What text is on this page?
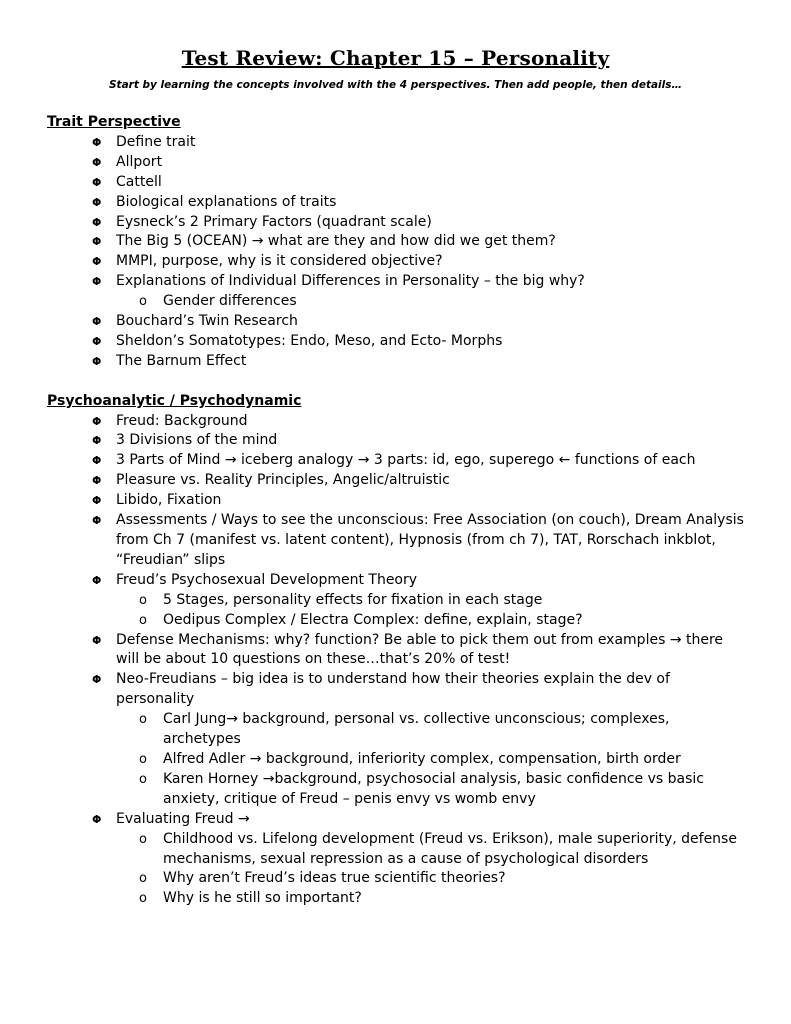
Test Review: Chapter 15 – Personality
Start by learning the concepts involved with the 4 perspectives. Then add people, then details…
Trait Perspective
Φ Define trait
Φ Allport
Φ Cattell
Φ Biological explanations of traits
Φ Eysneck’s 2 Primary Factors (quadrant scale)
Φ The Big 5 (OCEAN) → what are they and how did we get them?
Φ MMPI, purpose, why is it considered objective?
Φ Explanations of Individual Differences in Personality – the big why?
o Gender differences
Φ Bouchard’s Twin Research
Φ Sheldon’s Somatotypes: Endo, Meso, and Ecto- Morphs
Φ The Barnum Effect
Psychoanalytic / Psychodynamic
Φ Freud: Background
Φ 3 Divisions of the mind
Φ 3 Parts of Mind → iceberg analogy → 3 parts: id, ego, superego ← functions of each
Φ Pleasure vs. Reality Principles, Angelic/altruistic
Φ Libido, Fixation
Φ Assessments / Ways to see the unconscious: Free Association (on couch), Dream Analysis from Ch 7 (manifest vs. latent content), Hypnosis (from ch 7), TAT, Rorschach inkblot, “Freudian” slips
Φ Freud’s Psychosexual Development Theory
o 5 Stages, personality effects for fixation in each stage
o Oedipus Complex / Electra Complex: define, explain, stage?
Φ Defense Mechanisms: why? function? Be able to pick them out from examples → there will be about 10 questions on these…that’s 20% of test!
Φ Neo-Freudians – big idea is to understand how their theories explain the dev of personality
o Carl Jung→ background, personal vs. collective unconscious; complexes, archetypes
o Alfred Adler → background, inferiority complex, compensation, birth order
o Karen Horney →background, psychosocial analysis, basic confidence vs basic anxiety, critique of Freud – penis envy vs womb envy
Φ Evaluating Freud →
o Childhood vs. Lifelong development (Freud vs. Erikson), male superiority, defense mechanisms, sexual repression as a cause of psychological disorders
o Why aren’t Freud’s ideas true scientific theories?
o Why is he still so important?
